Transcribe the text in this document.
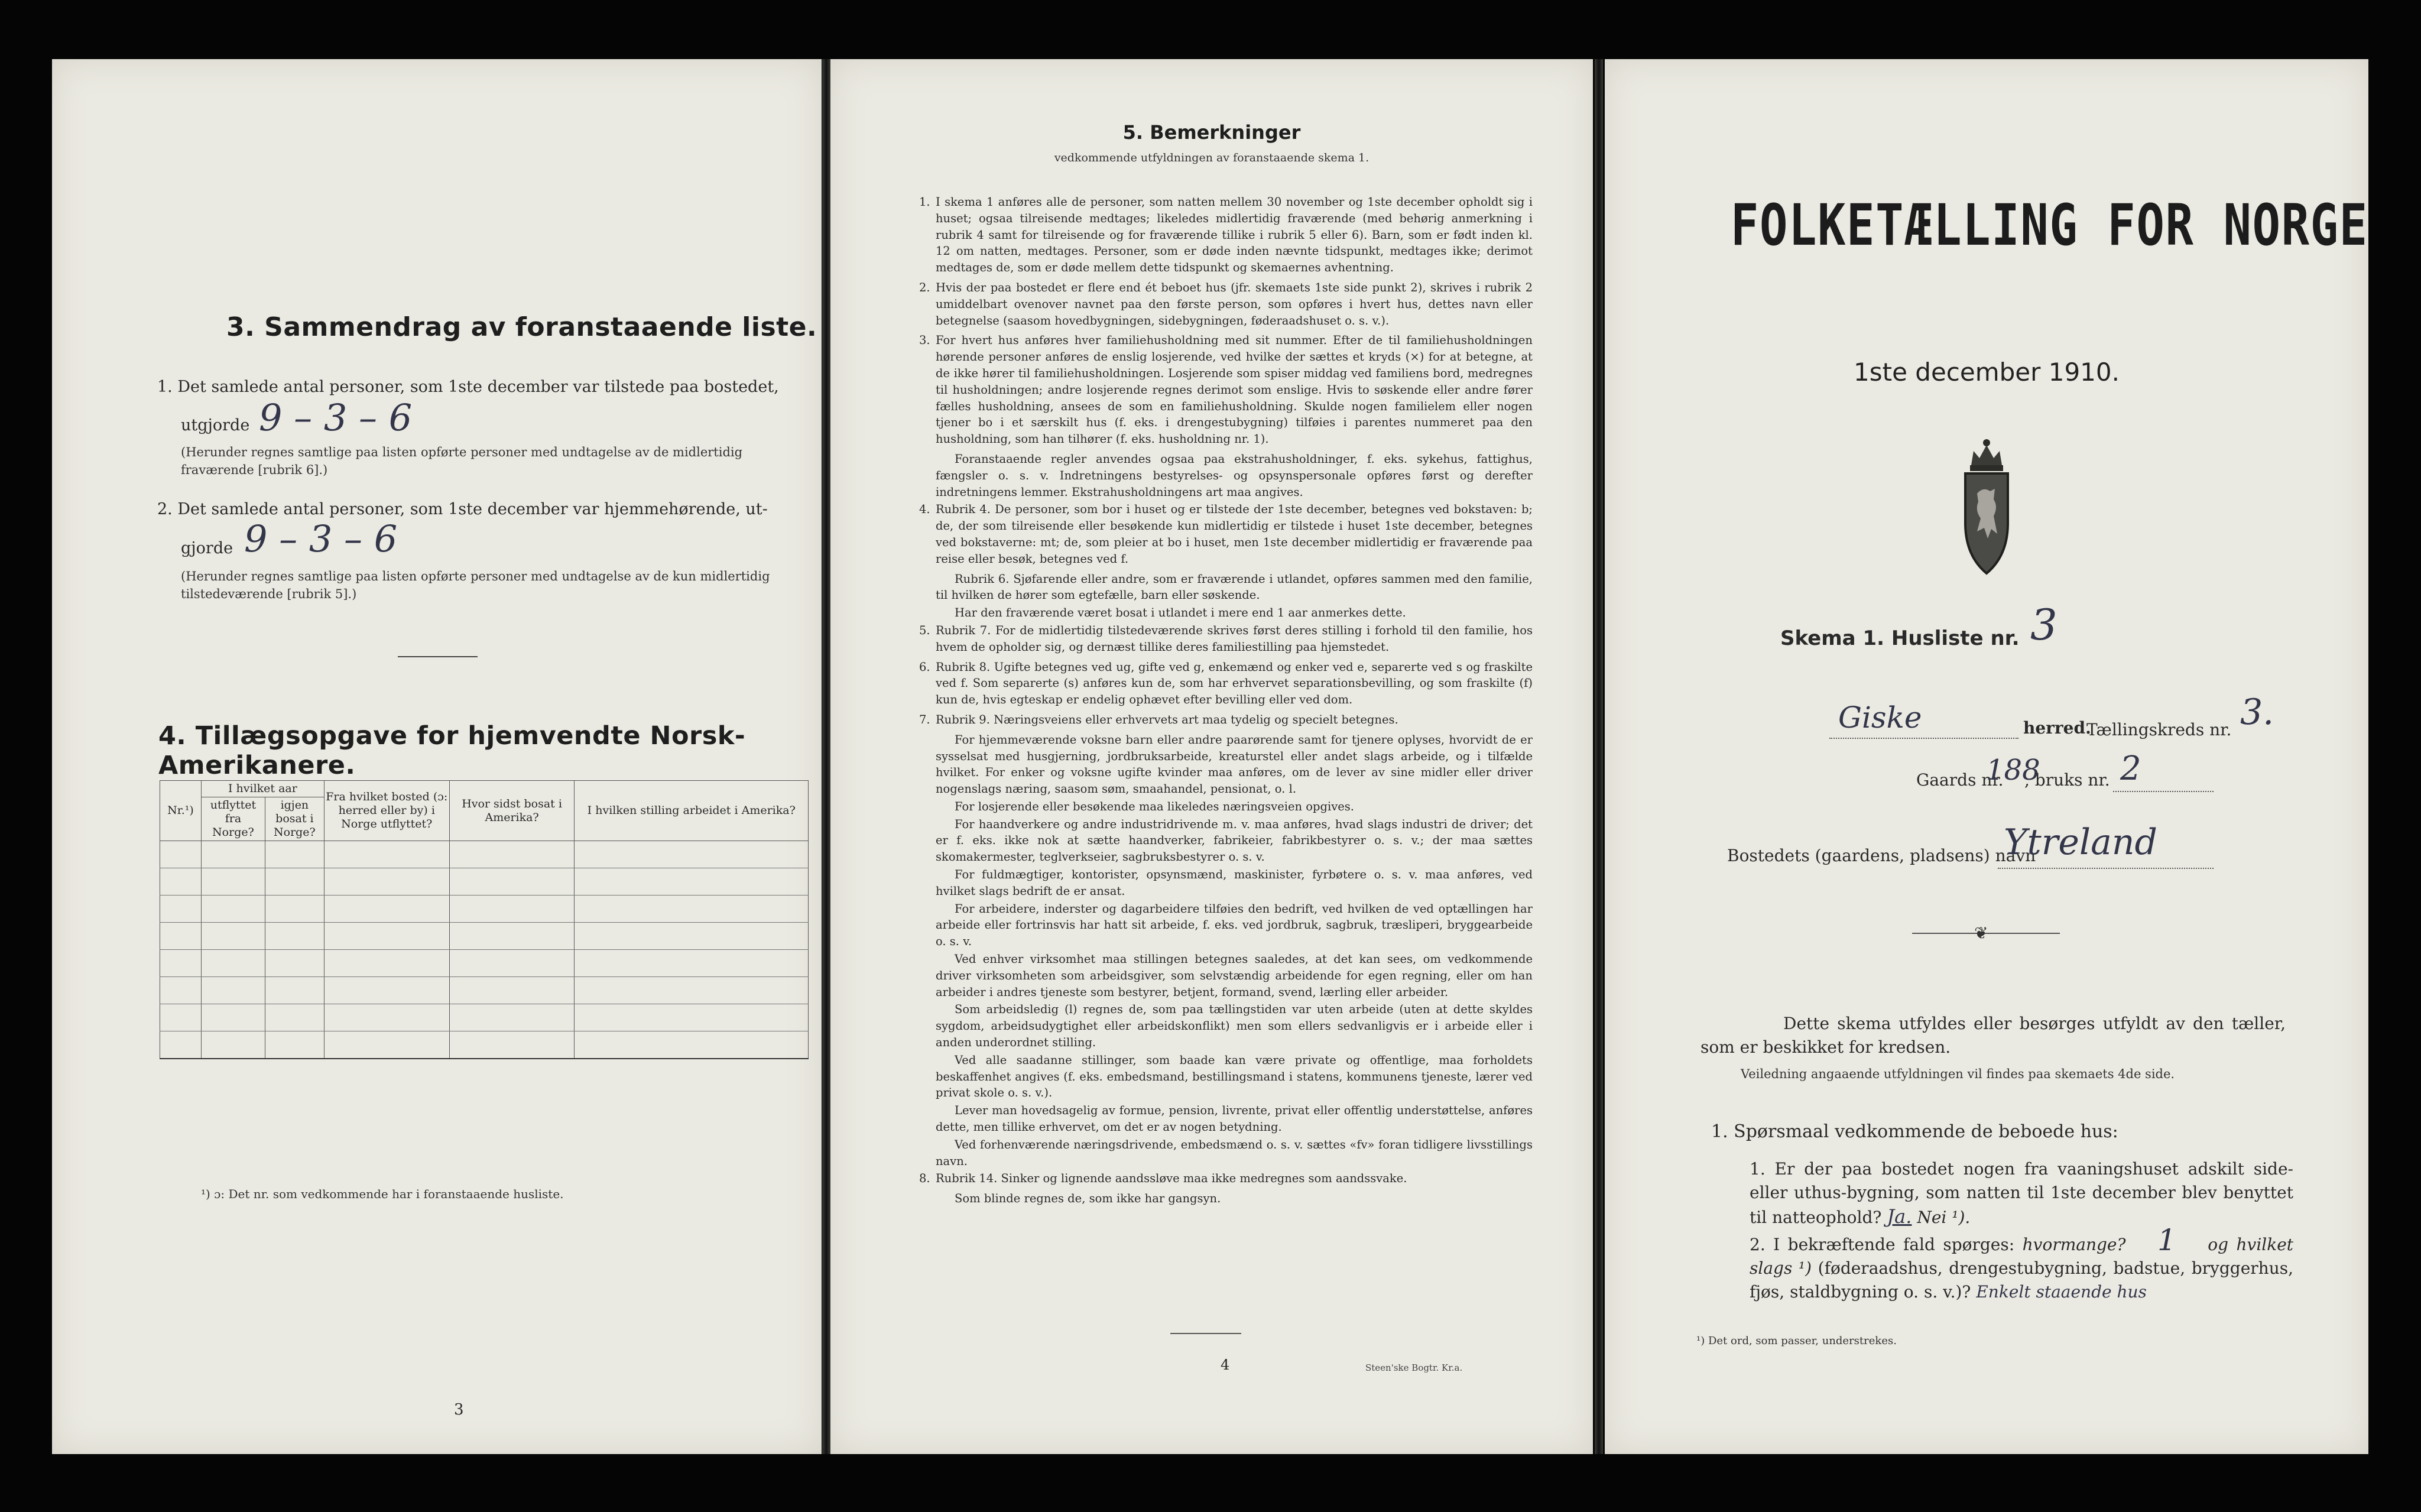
3. Sammendrag av foranstaaende liste.
1. Det samlede antal personer, som 1ste december var tilstede paa bostedet,
utgjorde 9 – 3 – 6
(Herunder regnes samtlige paa listen opførte personer med undtagelse av de midlertidig fraværende [rubrik 6].)
2. Det samlede antal personer, som 1ste december var hjemmehørende, ut-
gjorde 9 – 3 – 6
(Herunder regnes samtlige paa listen opførte personer med undtagelse av de kun midlertidig tilstedeværende [rubrik 5].)
4. Tillægsopgave for hjemvendte Norsk-Amerikanere.
Nr.¹)	I hvilket aar		Fra hvilket bosted (ɔ: herred eller by) i Norge utflyttet?	Hvor sidst bosat i Amerika?	I hvilken stilling arbeidet i Amerika?
	utflyttet fra Norge?	igjen bosat i Norge?			

¹) ɔ: Det nr. som vedkommende har i foranstaaende husliste.
3
5. Bemerkninger
vedkommende utfyldningen av foranstaaende skema 1.
1. I skema 1 anføres alle de personer, som natten mellem 30 november og 1ste december opholdt sig i huset; ogsaa tilreisende medtages; likeledes midlertidig fraværende (med behørig anmerkning i rubrik 4 samt for tilreisende og for fraværende tillike i rubrik 5 eller 6). Barn, som er født inden kl. 12 om natten, medtages. Personer, som er døde inden nævnte tidspunkt, medtages ikke; derimot medtages de, som er døde mellem dette tidspunkt og skemaernes avhentning.
2. Hvis der paa bostedet er flere end ét beboet hus (jfr. skemaets 1ste side punkt 2), skrives i rubrik 2 umiddelbart ovenover navnet paa den første person, som opføres i hvert hus, dettes navn eller betegnelse (saasom hovedbygningen, sidebygningen, føderaadshuset o. s. v.).
3. For hvert hus anføres hver familiehusholdning med sit nummer. Efter de til familiehusholdningen hørende personer anføres de enslig losjerende, ved hvilke der sættes et kryds (×) for at betegne, at de ikke hører til familiehusholdningen. Losjerende som spiser middag ved familiens bord, medregnes til husholdningen; andre losjerende regnes derimot som enslige. Hvis to søskende eller andre fører fælles husholdning, ansees de som en familiehusholdning. Skulde nogen familielem eller nogen tjener bo i et særskilt hus (f. eks. i drengestubygning) tilføies i parentes nummeret paa den husholdning, som han tilhører (f. eks. husholdning nr. 1).
Foranstaaende regler anvendes ogsaa paa ekstrahusholdninger, f. eks. sykehus, fattighus, fængsler o. s. v. Indretningens bestyrelses- og opsynspersonale opføres først og derefter indretningens lemmer. Ekstrahusholdningens art maa angives.
4. Rubrik 4. De personer, som bor i huset og er tilstede der 1ste december, betegnes ved bokstaven: b; de, der som tilreisende eller besøkende kun midlertidig er tilstede i huset 1ste december, betegnes ved bokstaverne: mt; de, som pleier at bo i huset, men 1ste december midlertidig er fraværende paa reise eller besøk, betegnes ved f.
Rubrik 6. Sjøfarende eller andre, som er fraværende i utlandet, opføres sammen med den familie, til hvilken de hører som egtefælle, barn eller søskende.
Har den fraværende været bosat i utlandet i mere end 1 aar anmerkes dette.
5. Rubrik 7. For de midlertidig tilstedeværende skrives først deres stilling i forhold til den familie, hos hvem de opholder sig, og dernæst tillike deres familiestilling paa hjemstedet.
6. Rubrik 8. Ugifte betegnes ved ug, gifte ved g, enkemænd og enker ved e, separerte ved s og fraskilte ved f. Som separerte (s) anføres kun de, som har erhvervet separationsbevilling, og som fraskilte (f) kun de, hvis egteskap er endelig ophævet efter bevilling eller ved dom.
7. Rubrik 9. Næringsveiens eller erhvervets art maa tydelig og specielt betegnes.
For hjemmeværende voksne barn eller andre paarørende samt for tjenere oplyses, hvorvidt de er sysselsat med husgjerning, jordbruksarbeide, kreaturstel eller andet slags arbeide, og i tilfælde hvilket. For enker og voksne ugifte kvinder maa anføres, om de lever av sine midler eller driver nogenslags næring, saasom søm, smaahandel, pensionat, o. l.
For losjerende eller besøkende maa likeledes næringsveien opgives.
For haandverkere og andre industridrivende m. v. maa anføres, hvad slags industri de driver; det er f. eks. ikke nok at sætte haandverker, fabrikeier, fabrikbestyrer o. s. v.; der maa sættes skomakermester, teglverkseier, sagbruksbestyrer o. s. v.
For fuldmægtiger, kontorister, opsynsmænd, maskinister, fyrbøtere o. s. v. maa anføres, ved hvilket slags bedrift de er ansat.
For arbeidere, inderster og dagarbeidere tilføies den bedrift, ved hvilken de ved optællingen har arbeide eller fortrinsvis har hatt sit arbeide, f. eks. ved jordbruk, sagbruk, træsliperi, bryggearbeide o. s. v.
Ved enhver virksomhet maa stillingen betegnes saaledes, at det kan sees, om vedkommende driver virksomheten som arbeidsgiver, som selvstændig arbeidende for egen regning, eller om han arbeider i andres tjeneste som bestyrer, betjent, formand, svend, lærling eller arbeider.
Som arbeidsledig (l) regnes de, som paa tællingstiden var uten arbeide (uten at dette skyldes sygdom, arbeidsudygtighet eller arbeidskonflikt) men som ellers sedvanligvis er i arbeide eller i anden underordnet stilling.
Ved alle saadanne stillinger, som baade kan være private og offentlige, maa forholdets beskaffenhet angives (f. eks. embedsmand, bestillingsmand i statens, kommunens tjeneste, lærer ved privat skole o. s. v.).
Lever man hovedsagelig av formue, pension, livrente, privat eller offentlig understøttelse, anføres dette, men tillike erhvervet, om det er av nogen betydning.
Ved forhenværende næringsdrivende, embedsmænd o. s. v. sættes «fv» foran tidligere livsstillings navn.
8. Rubrik 14. Sinker og lignende aandssløve maa ikke medregnes som aandssvake.
Som blinde regnes de, som ikke har gangsyn.
4	Steen'ske Bogtr. Kr.a.
FOLKETÆLLING FOR NORGE
1ste december 1910.
Skema 1. Husliste nr. 3
Giske	herred.
Tællingskreds nr. 3.
Gaards nr.
188
, bruks nr. 2
Bostedets (gaardens, pladsens) navn
Ytreland
❦
Dette skema utfyldes eller besørges utfyldt av den tæller, som er beskikket for kredsen.
Veiledning angaaende utfyldningen vil findes paa skemaets 4de side.
1. Spørsmaal vedkommende de beboede hus:
1. Er der paa bostedet nogen fra vaaningshuset adskilt side- eller uthus-bygning, som natten til 1ste december blev benyttet til natteophold? Ja. Nei ¹).
2. I bekræftende fald spørges: hvormange? 1 og hvilket slags ¹) (føderaadshus, drengestubygning, badstue, bryggerhus, fjøs, staldbygning o. s. v.)? Enkelt staaende hus
¹) Det ord, som passer, understrekes.
